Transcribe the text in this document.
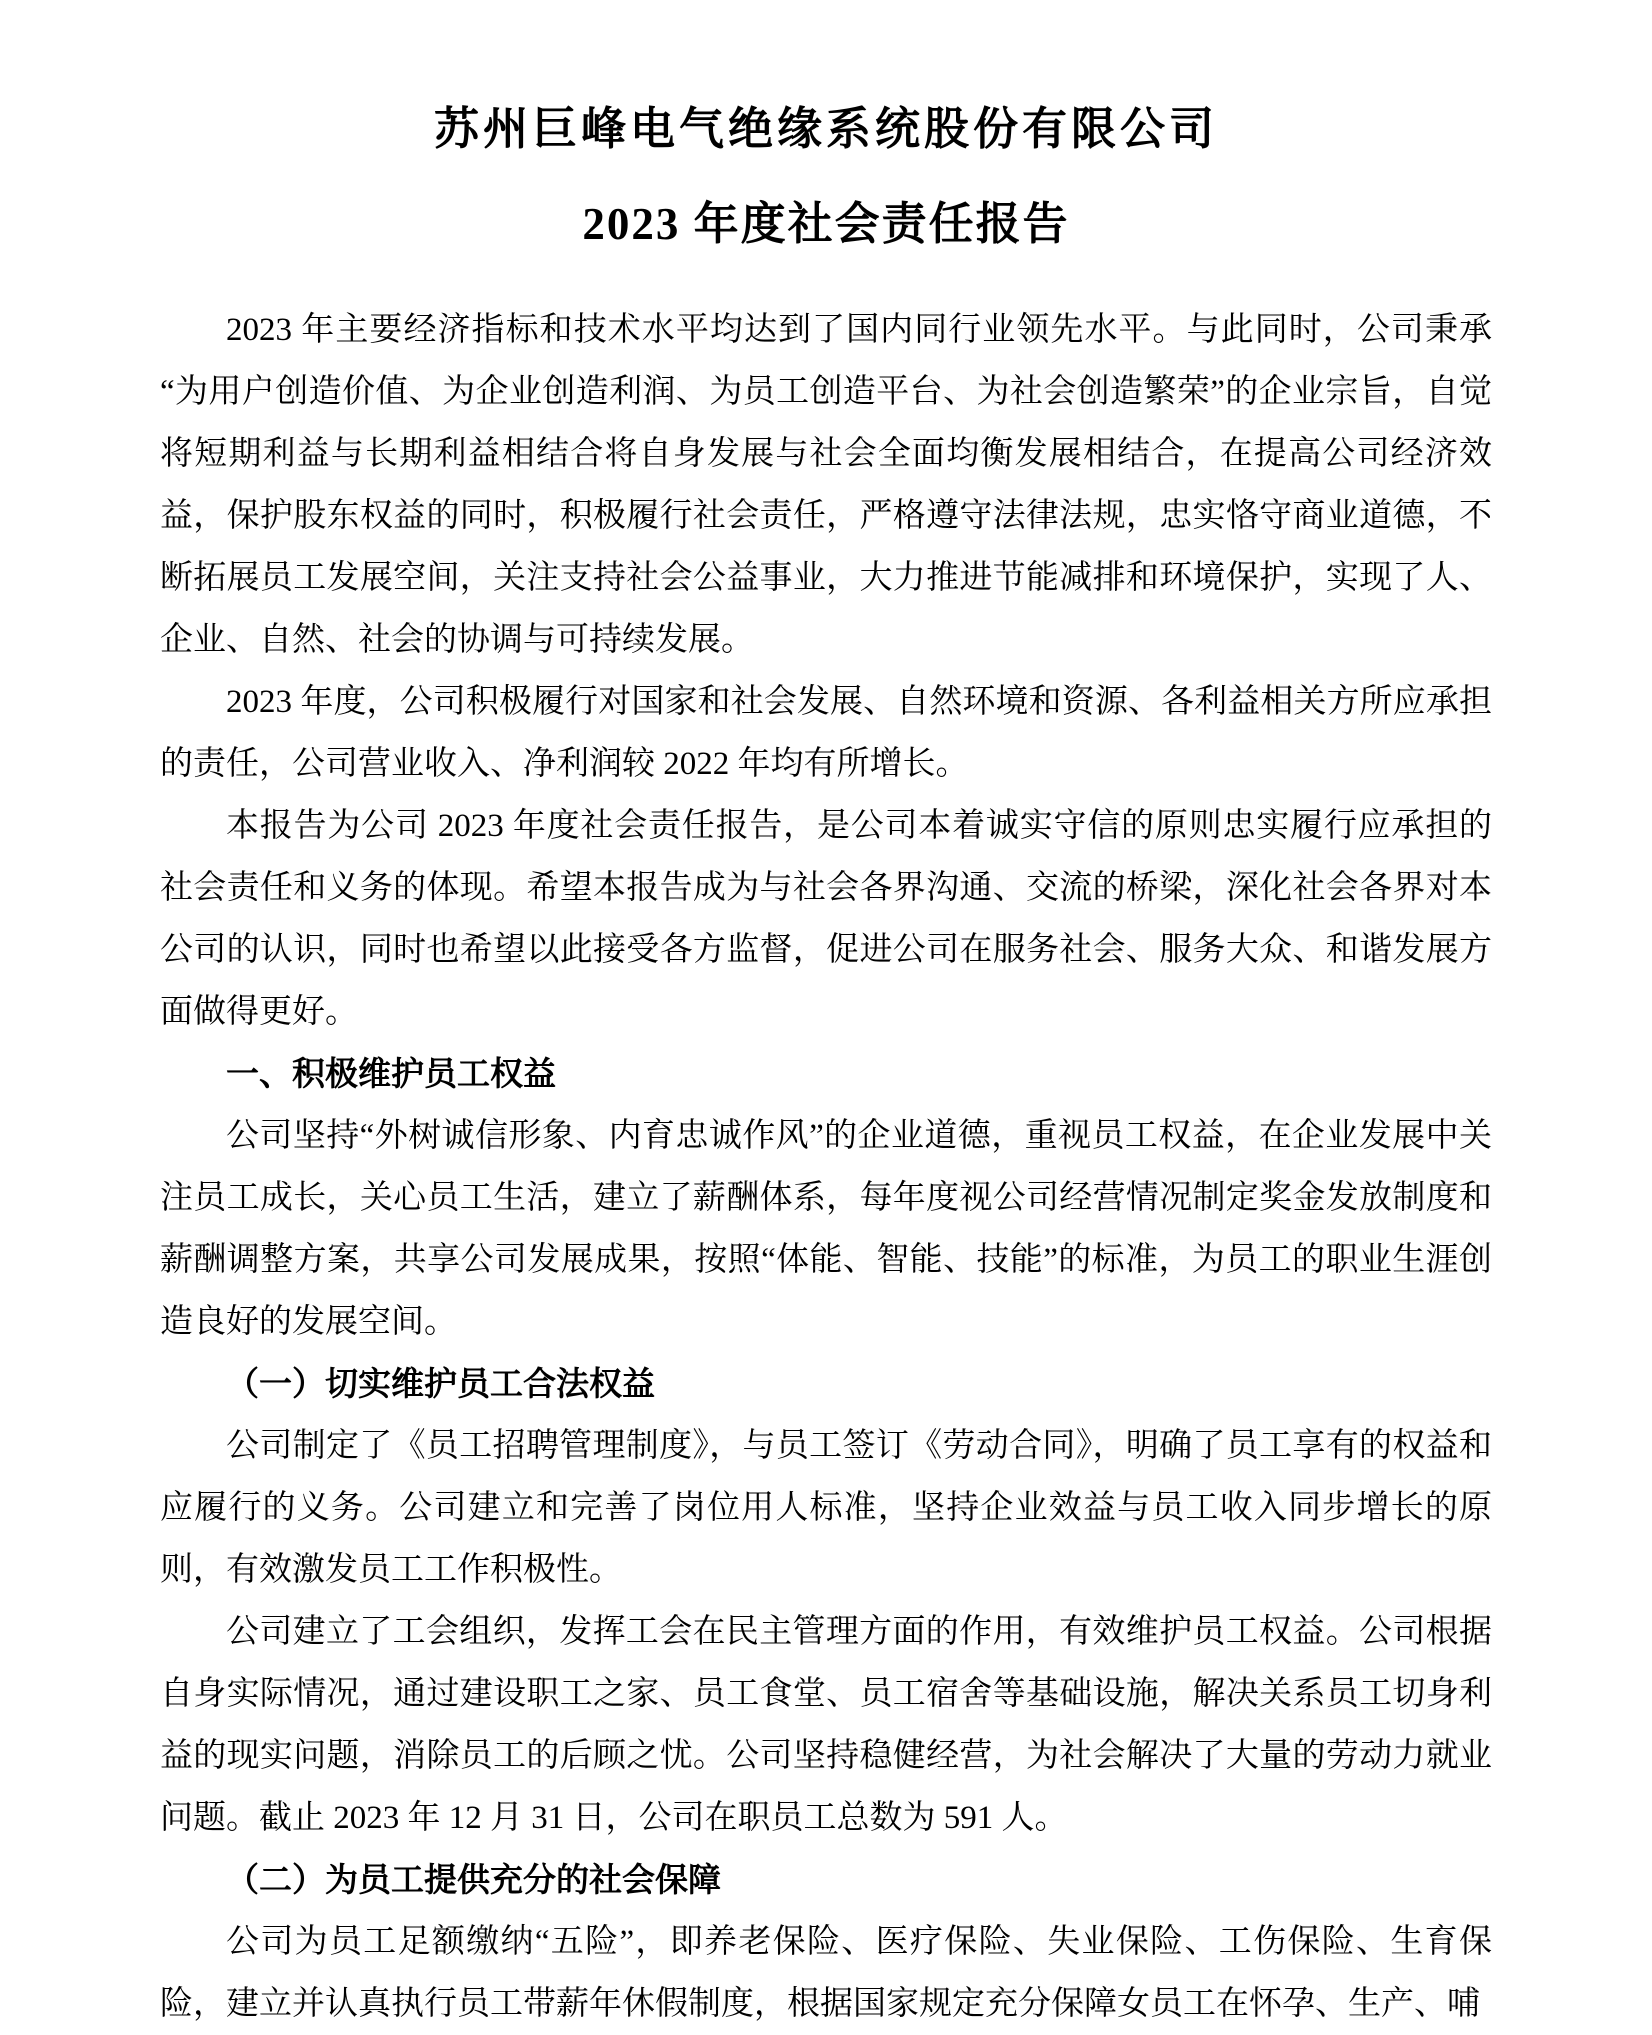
苏州巨峰电气绝缘系统股份有限公司
2023 年度社会责任报告

2023 年主要经济指标和技术水平均达到了国内同行业领先水平。与此同时，公司秉承“为用户创造价值、为企业创造利润、为员工创造平台、为社会创造繁荣”的企业宗旨，自觉将短期利益与长期利益相结合将自身发展与社会全面均衡发展相结合，在提高公司经济效益，保护股东权益的同时，积极履行社会责任，严格遵守法律法规，忠实恪守商业道德，不断拓展员工发展空间，关注支持社会公益事业，大力推进节能减排和环境保护，实现了人、企业、自然、社会的协调与可持续发展。

2023 年度，公司积极履行对国家和社会发展、自然环境和资源、各利益相关方所应承担的责任，公司营业收入、净利润较 2022 年均有所增长。

本报告为公司 2023 年度社会责任报告，是公司本着诚实守信的原则忠实履行应承担的社会责任和义务的体现。希望本报告成为与社会各界沟通、交流的桥梁，深化社会各界对本公司的认识，同时也希望以此接受各方监督，促进公司在服务社会、服务大众、和谐发展方面做得更好。

一、积极维护员工权益

公司坚持“外树诚信形象、内育忠诚作风”的企业道德，重视员工权益，在企业发展中关注员工成长，关心员工生活，建立了薪酬体系，每年度视公司经营情况制定奖金发放制度和薪酬调整方案，共享公司发展成果，按照“体能、智能、技能”的标准，为员工的职业生涯创造良好的发展空间。

（一）切实维护员工合法权益

公司制定了《员工招聘管理制度》，与员工签订《劳动合同》，明确了员工享有的权益和应履行的义务。公司建立和完善了岗位用人标准，坚持企业效益与员工收入同步增长的原则，有效激发员工工作积极性。

公司建立了工会组织，发挥工会在民主管理方面的作用，有效维护员工权益。公司根据自身实际情况，通过建设职工之家、员工食堂、员工宿舍等基础设施，解决关系员工切身利益的现实问题，消除员工的后顾之忧。公司坚持稳健经营，为社会解决了大量的劳动力就业问题。截止 2023 年 12 月 31 日，公司在职员工总数为 591 人。

（二）为员工提供充分的社会保障

公司为员工足额缴纳“五险”，即养老保险、医疗保险、失业保险、工伤保险、生育保险，建立并认真执行员工带薪年休假制度，根据国家规定充分保障女员工在怀孕、生产、哺
